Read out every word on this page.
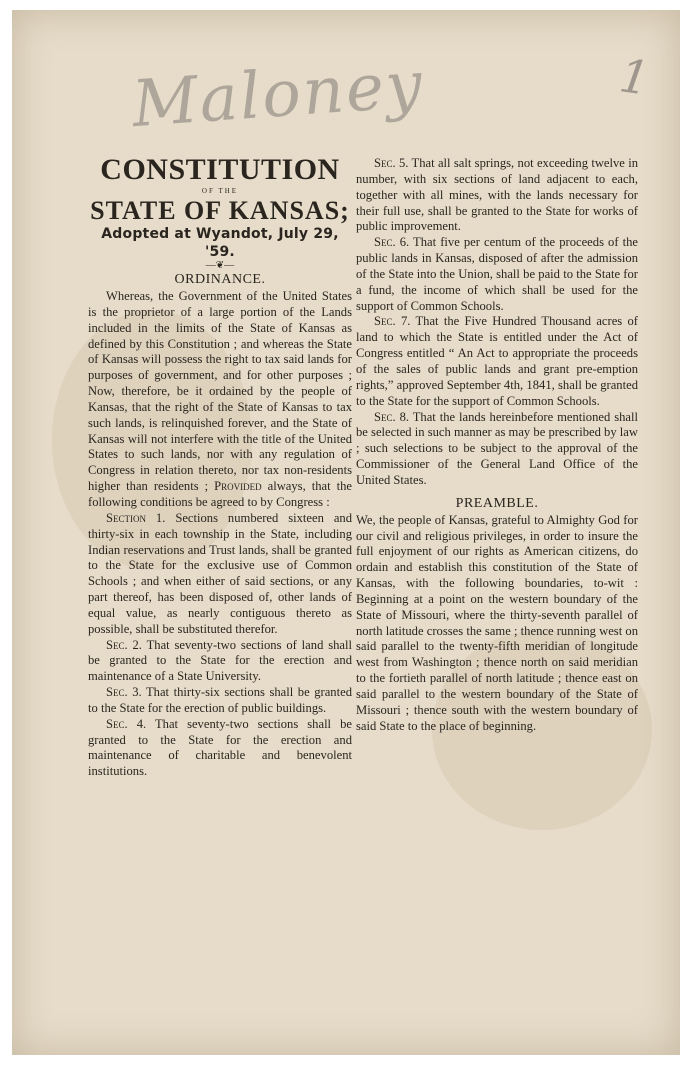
Maloney	1
CONSTITUTION
OF THE
STATE OF KANSAS;
Adopted at Wyandot, July 29, '59.
—❦—
ORDINANCE.

Whereas, the Government of the United States is the proprietor of a large portion of the Lands included in the limits of the State of Kansas as defined by this Constitution ; and whereas the State of Kansas will possess the right to tax said lands for purposes of government, and for other purposes ; Now, therefore, be it ordained by the people of Kansas, that the right of the State of Kansas to tax such lands, is relinquished forever, and the State of Kansas will not interfere with the title of the United States to such lands, nor with any regulation of Congress in relation thereto, nor tax non-residents higher than residents ; Provided always, that the following conditions be agreed to by Congress :

Section 1. Sections numbered sixteen and thirty-six in each township in the State, including Indian reservations and Trust lands, shall be granted to the State for the exclusive use of Common Schools ; and when either of said sections, or any part thereof, has been disposed of, other lands of equal value, as nearly contiguous thereto as possible, shall be substituted therefor.

Sec. 2. That seventy-two sections of land shall be granted to the State for the erection and maintenance of a State University.

Sec. 3. That thirty-six sections shall be granted to the State for the erection of public buildings.

Sec. 4. That seventy-two sections shall be granted to the State for the erection and maintenance of charitable and benevolent institutions.

Sec. 5. That all salt springs, not exceeding twelve in number, with six sections of land adjacent to each, together with all mines, with the lands necessary for their full use, shall be granted to the State for works of public improvement.

Sec. 6. That five per centum of the proceeds of the public lands in Kansas, disposed of after the admission of the State into the Union, shall be paid to the State for a fund, the income of which shall be used for the support of Common Schools.

Sec. 7. That the Five Hundred Thousand acres of land to which the State is entitled under the Act of Congress entitled “ An Act to appropriate the proceeds of the sales of public lands and grant pre-emption rights,” approved September 4th, 1841, shall be granted to the State for the support of Common Schools.

Sec. 8. That the lands hereinbefore mentioned shall be selected in such manner as may be prescribed by law ; such selections to be subject to the approval of the Commissioner of the General Land Office of the United States.

PREAMBLE.

We, the people of Kansas, grateful to Almighty God for our civil and religious privileges, in order to insure the full enjoyment of our rights as American citizens, do ordain and establish this constitution of the State of Kansas, with the following boundaries, to-wit : Beginning at a point on the western boundary of the State of Missouri, where the thirty-seventh parallel of north latitude crosses the same ; thence running west on said parallel to the twenty-fifth meridian of longitude west from Washington ; thence north on said meridian to the fortieth parallel of north latitude ; thence east on said parallel to the western boundary of the State of Missouri ; thence south with the western boundary of said State to the place of beginning.
